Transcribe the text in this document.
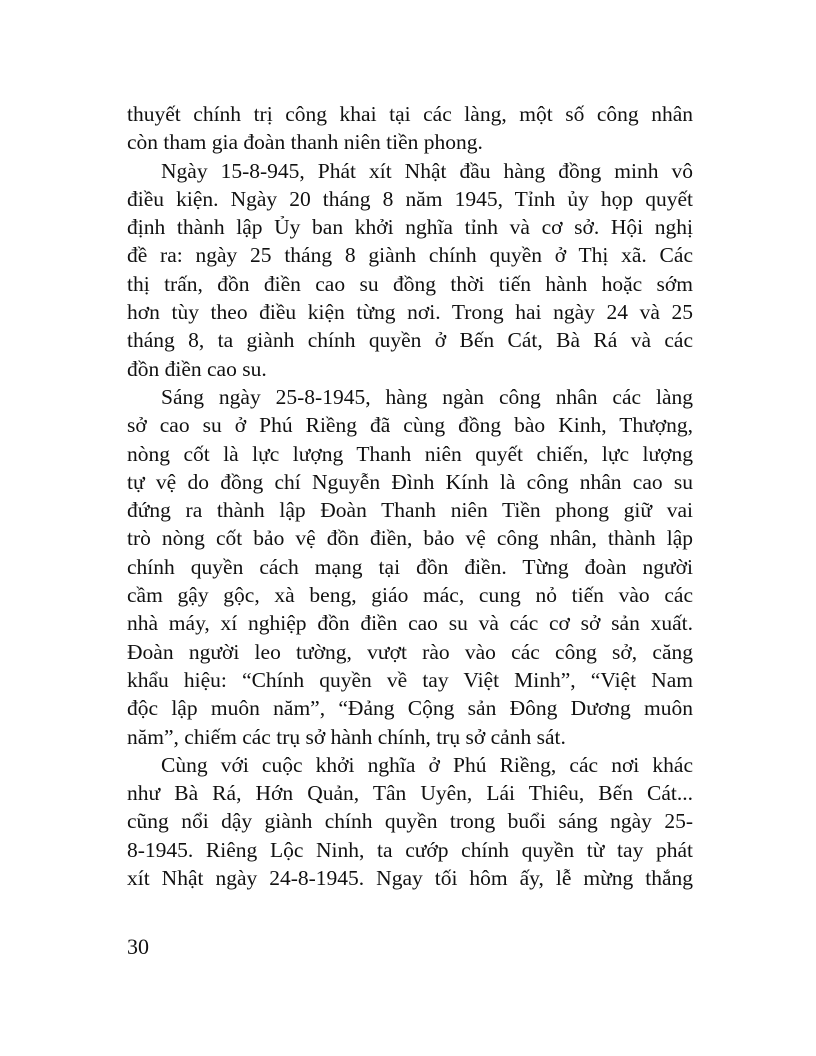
thuyết chính trị công khai tại các làng, một số công nhân
còn tham gia đoàn thanh niên tiền phong.
Ngày 15-8-945, Phát xít Nhật đầu hàng đồng minh vô
điều kiện. Ngày 20 tháng 8 năm 1945, Tỉnh ủy họp quyết
định thành lập Ủy ban khởi nghĩa tỉnh và cơ sở. Hội nghị
đề ra: ngày 25 tháng 8 giành chính quyền ở Thị xã. Các
thị trấn, đồn điền cao su đồng thời tiến hành hoặc sớm
hơn tùy theo điều kiện từng nơi. Trong hai ngày 24 và 25
tháng 8, ta giành chính quyền ở Bến Cát, Bà Rá và các
đồn điền cao su.
Sáng ngày 25-8-1945, hàng ngàn công nhân các làng
sở cao su ở Phú Riềng đã cùng đồng bào Kinh, Thượng,
nòng cốt là lực lượng Thanh niên quyết chiến, lực lượng
tự vệ do đồng chí Nguyễn Đình Kính là công nhân cao su
đứng ra thành lập Đoàn Thanh niên Tiền phong giữ vai
trò nòng cốt bảo vệ đồn điền, bảo vệ công nhân, thành lập
chính quyền cách mạng tại đồn điền. Từng đoàn người
cầm gậy gộc, xà beng, giáo mác, cung nỏ tiến vào các
nhà máy, xí nghiệp đồn điền cao su và các cơ sở sản xuất.
Đoàn người leo tường, vượt rào vào các công sở, căng
khẩu hiệu: “Chính quyền về tay Việt Minh”, “Việt Nam
độc lập muôn năm”, “Đảng Cộng sản Đông Dương muôn
năm”, chiếm các trụ sở hành chính, trụ sở cảnh sát.
Cùng với cuộc khởi nghĩa ở Phú Riềng, các nơi khác
như Bà Rá, Hớn Quản, Tân Uyên, Lái Thiêu, Bến Cát...
cũng nổi dậy giành chính quyền trong buổi sáng ngày 25-
8-1945. Riêng Lộc Ninh, ta cướp chính quyền từ tay phát
xít Nhật ngày 24-8-1945. Ngay tối hôm ấy, lễ mừng thắng
30
